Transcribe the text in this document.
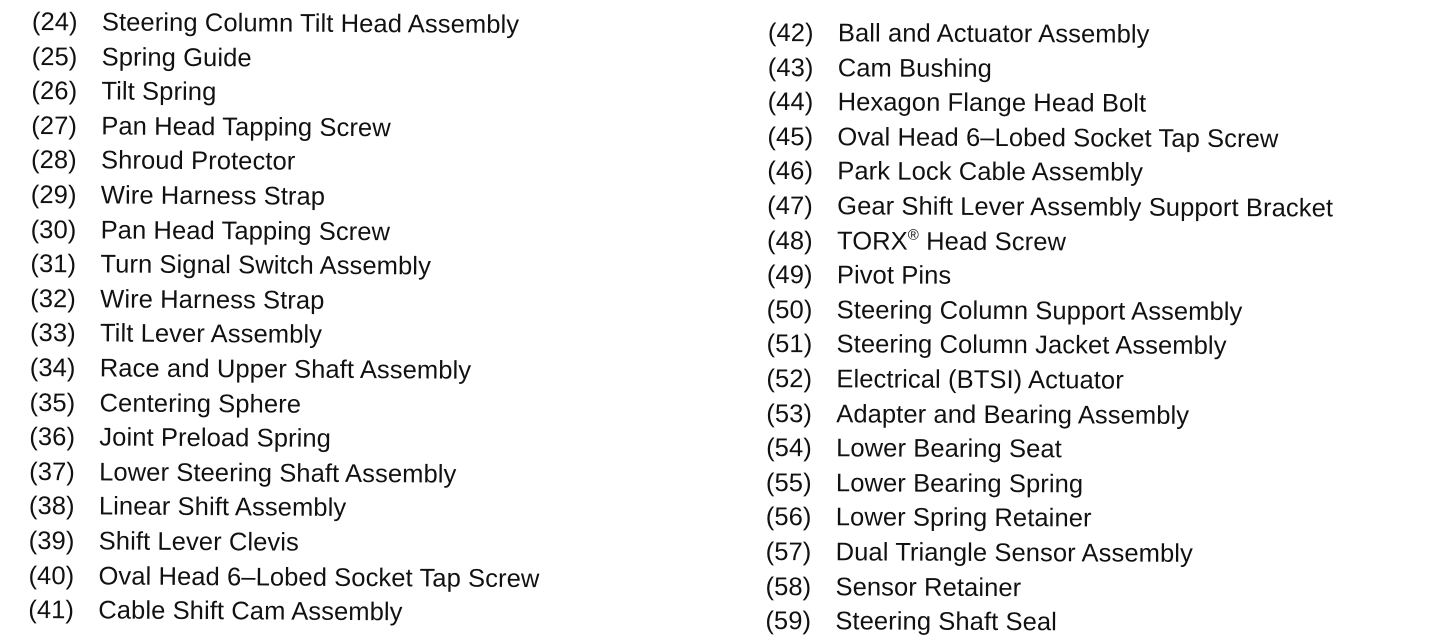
(24) Steering Column Tilt Head Assembly
(25) Spring Guide
(26) Tilt Spring
(27) Pan Head Tapping Screw
(28) Shroud Protector
(29) Wire Harness Strap
(30) Pan Head Tapping Screw
(31) Turn Signal Switch Assembly
(32) Wire Harness Strap
(33) Tilt Lever Assembly
(34) Race and Upper Shaft Assembly
(35) Centering Sphere
(36) Joint Preload Spring
(37) Lower Steering Shaft Assembly
(38) Linear Shift Assembly
(39) Shift Lever Clevis
(40) Oval Head 6–Lobed Socket Tap Screw
(41) Cable Shift Cam Assembly
(42) Ball and Actuator Assembly
(43) Cam Bushing
(44) Hexagon Flange Head Bolt
(45) Oval Head 6–Lobed Socket Tap Screw
(46) Park Lock Cable Assembly
(47) Gear Shift Lever Assembly Support Bracket
(48) TORX® Head Screw
(49) Pivot Pins
(50) Steering Column Support Assembly
(51) Steering Column Jacket Assembly
(52) Electrical (BTSI) Actuator
(53) Adapter and Bearing Assembly
(54) Lower Bearing Seat
(55) Lower Bearing Spring
(56) Lower Spring Retainer
(57) Dual Triangle Sensor Assembly
(58) Sensor Retainer
(59) Steering Shaft Seal
